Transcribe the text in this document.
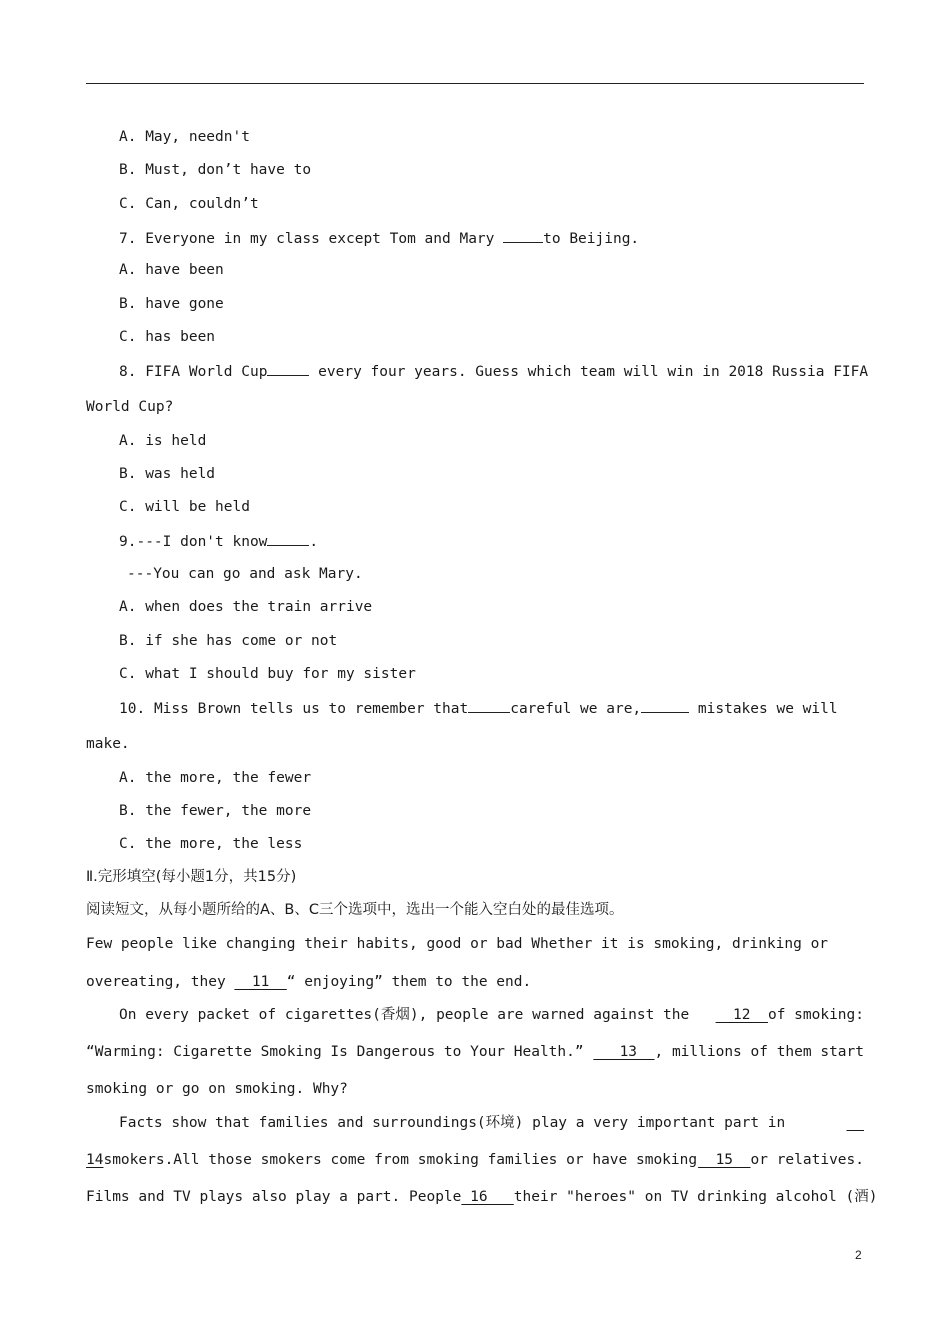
A. May, needn't
B. Must, don’t have to
C. Can, couldn’t
7. Everyone in my class except Tom and Mary	to Beijing.
A. have been
B. have gone
C. has been
8. FIFA World Cup	every four years. Guess which team will win in 2018 Russia FIFA
World Cup?
A. is held
B. was held
C. will be held
9.---I don't know	.
---You can go and ask Mary.
A. when does the train arrive
B. if she has come or not
C. what I should buy for my sister
10. Miss Brown tells us to remember that	careful we are,	mistakes we will
make.
A. the more, the fewer
B. the fewer, the more
C. the more, the less
Ⅱ.完形填空(每小题1分，共15分)
阅读短文，从每小题所给的A、B、C三个选项中，选出一个能入空白处的最佳选项。
Few people like changing their habits, good or bad Whether it is smoking, drinking or
overeating, they   11  “ enjoying” them to the end.
On every packet of cigarettes(香烟), people are warned against the 12  of smoking:
“Warming: Cigarette Smoking Is Dangerous to Your Health.” 13  , millions of them start
smoking or go on smoking. Why?
Facts show that families and surroundings(环境) play a very important part in

14smokers.All those smokers come from smoking families or have smoking 15  or relatives.
Films and TV plays also play a part. People 16 their "heroes" on TV drinking alcohol (酒)
2
